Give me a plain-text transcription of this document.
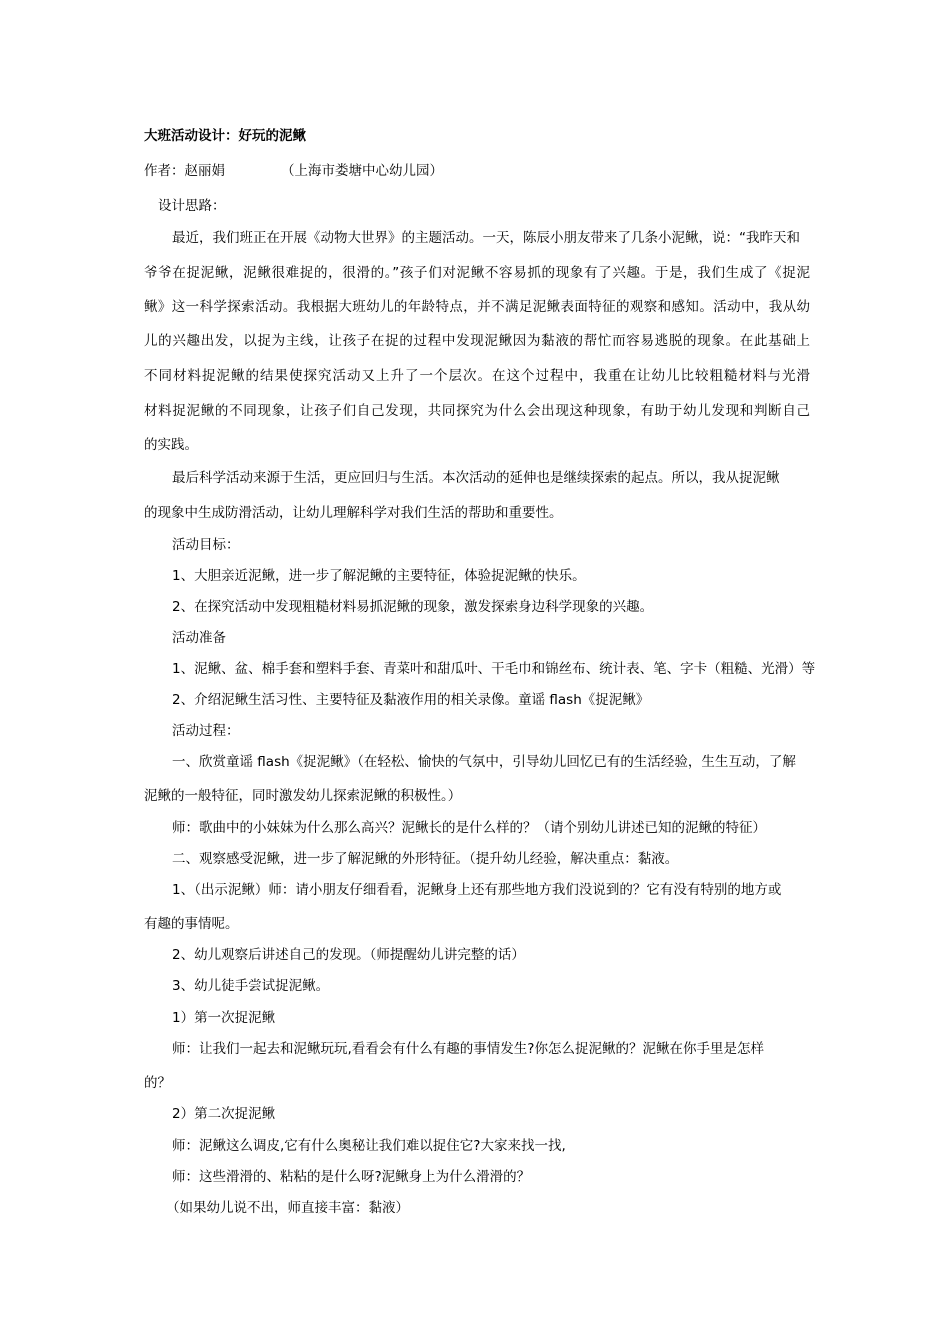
大班活动设计：好玩的泥鳅
作者：赵丽娟	（上海市娄塘中心幼儿园）
设计思路：
最近，我们班正在开展《动物大世界》的主题活动。一天，陈辰小朋友带来了几条小泥鳅，说：“我昨天和
爷爷在捉泥鳅，泥鳅很难捉的，很滑的。”孩子们对泥鳅不容易抓的现象有了兴趣。于是，我们生成了《捉泥
鳅》这一科学探索活动。我根据大班幼儿的年龄特点，并不满足泥鳅表面特征的观察和感知。活动中，我从幼
儿的兴趣出发，以捉为主线，让孩子在捉的过程中发现泥鳅因为黏液的帮忙而容易逃脱的现象。在此基础上
不同材料捉泥鳅的结果使探究活动又上升了一个层次。在这个过程中，我重在让幼儿比较粗糙材料与光滑
材料捉泥鳅的不同现象，让孩子们自己发现，共同探究为什么会出现这种现象，有助于幼儿发现和判断自己
的实践。
最后科学活动来源于生活，更应回归与生活。本次活动的延伸也是继续探索的起点。所以，我从捉泥鳅
的现象中生成防滑活动，让幼儿理解科学对我们生活的帮助和重要性。
活动目标：
1、大胆亲近泥鳅，进一步了解泥鳅的主要特征，体验捉泥鳅的快乐。
2、在探究活动中发现粗糙材料易抓泥鳅的现象，激发探索身边科学现象的兴趣。
活动准备
1、泥鳅、盆、棉手套和塑料手套、青菜叶和甜瓜叶、干毛巾和锦丝布、统计表、笔、字卡（粗糙、光滑）等
2、介绍泥鳅生活习性、主要特征及黏液作用的相关录像。童谣 flash《捉泥鳅》
活动过程：
一、欣赏童谣 flash《捉泥鳅》（在轻松、愉快的气氛中，引导幼儿回忆已有的生活经验，生生互动，了解
泥鳅的一般特征，同时激发幼儿探索泥鳅的积极性。）
师：歌曲中的小妹妹为什么那么高兴？泥鳅长的是什么样的？（请个别幼儿讲述已知的泥鳅的特征）
二、观察感受泥鳅，进一步了解泥鳅的外形特征。（提升幼儿经验，解决重点：黏液。
1、（出示泥鳅）师：请小朋友仔细看看，泥鳅身上还有那些地方我们没说到的？它有没有特别的地方或
有趣的事情呢。
2、幼儿观察后讲述自己的发现。（师提醒幼儿讲完整的话）
3、幼儿徒手尝试捉泥鳅。
1）第一次捉泥鳅
师：让我们一起去和泥鳅玩玩,看看会有什么有趣的事情发生?你怎么捉泥鳅的？泥鳅在你手里是怎样
的？
2）第二次捉泥鳅
师：泥鳅这么调皮,它有什么奥秘让我们难以捉住它?大家来找一找,
师：这些滑滑的、粘粘的是什么呀?泥鳅身上为什么滑滑的？
（如果幼儿说不出，师直接丰富：黏液）
